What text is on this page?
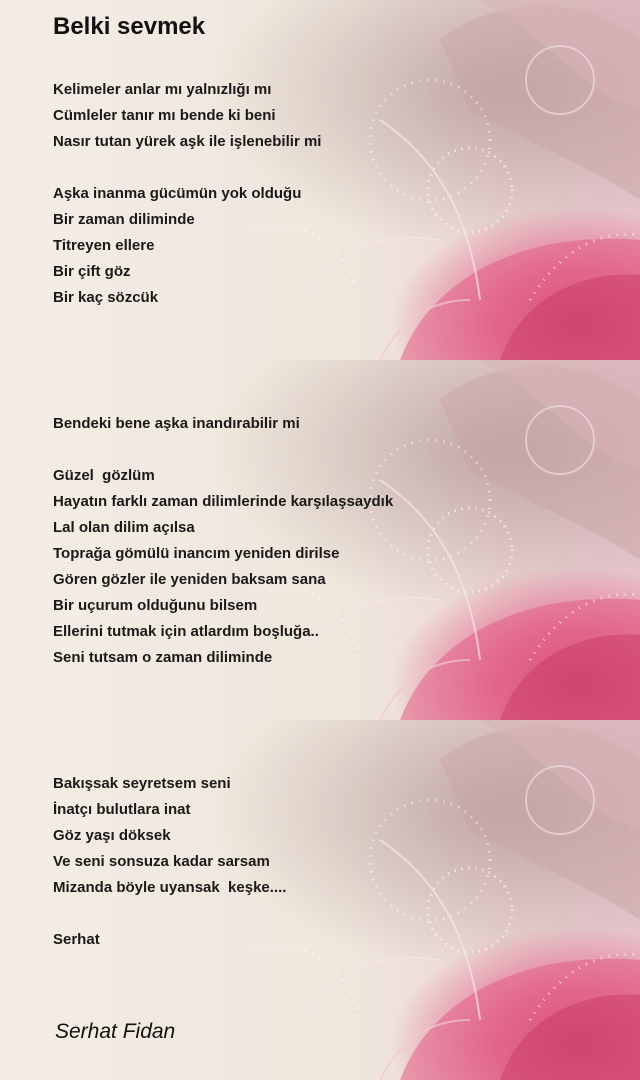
Belki sevmek
Kelimeler anlar mı yalnızlığı mı
Cümleler tanır mı bende ki beni
Nasır tutan yürek aşk ile işlenebilir mi
Aşka inanma gücümün yok olduğu
Bir zaman diliminde
Titreyen ellere
Bir çift göz
Bir kaç sözcük
Bendeki bene aşka inandırabilir mi
Güzel  gözlüm
Hayatın farklı zaman dilimlerinde karşılaşsaydık
Lal olan dilim açılsa
Toprağa gömülü inancım yeniden dirilse
Gören gözler ile yeniden baksam sana
Bir uçurum olduğunu bilsem
Ellerini tutmak için atlardım boşluğa..
Seni tutsam o zaman diliminde
Bakışsak seyretsem seni
İnatçı bulutlara inat
Göz yaşı döksek
Ve seni sonsuza kadar sarsam
Mizanda böyle uyansak  keşke....
Serhat
Serhat Fidan
